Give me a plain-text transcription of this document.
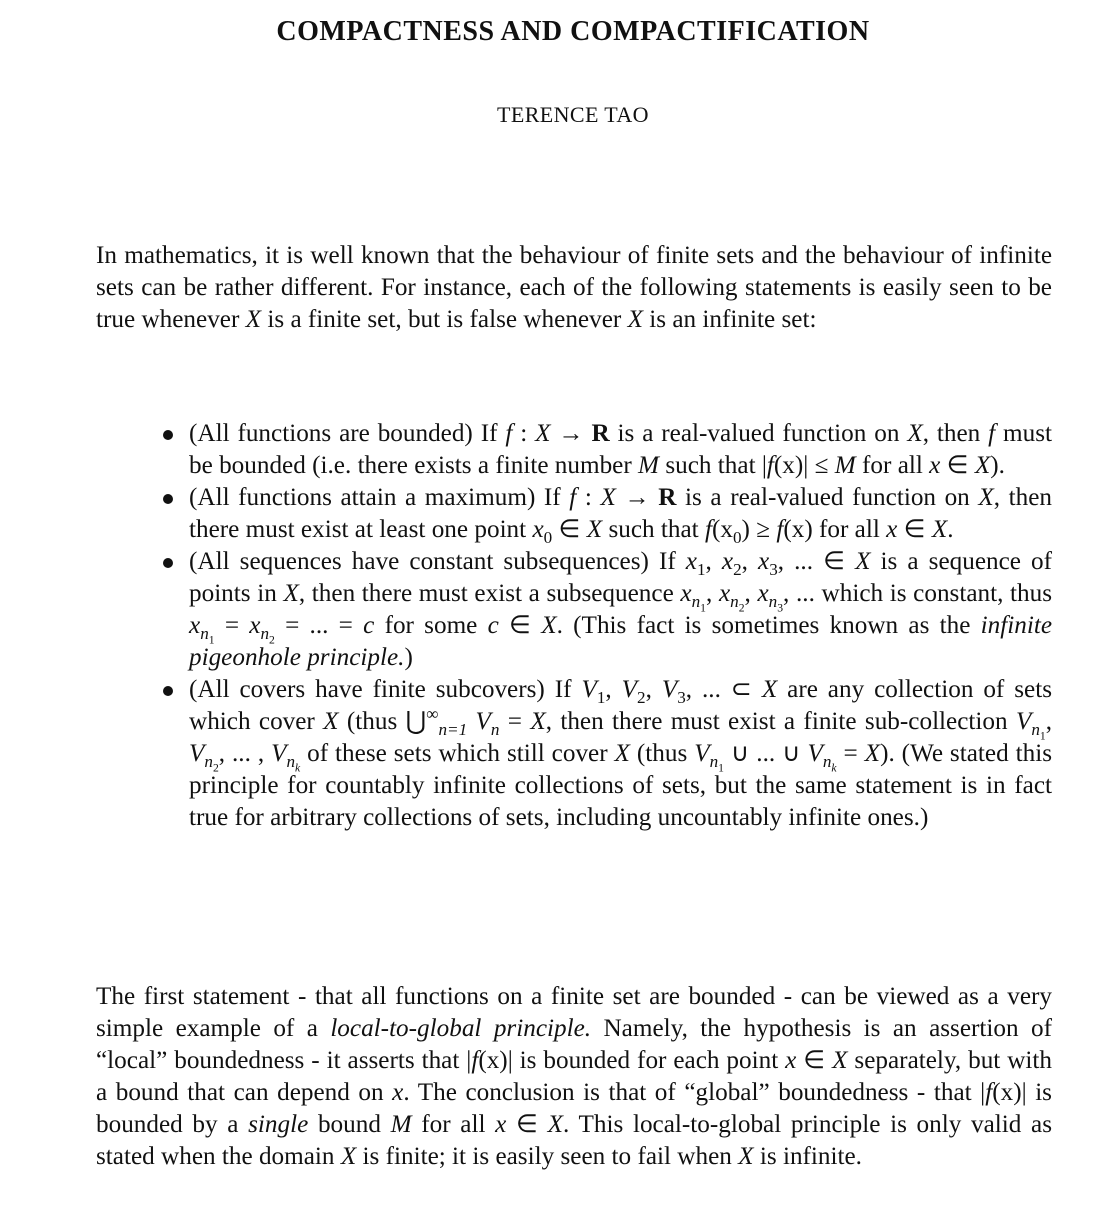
COMPACTNESS AND COMPACTIFICATION
TERENCE TAO

In mathematics, it is well known that the behaviour of finite sets and the behaviour of infinite sets can be rather different. For instance, each of the following statements is easily seen to be true whenever X is a finite set, but is false whenever X is an infinite set:

(All functions are bounded) If f : X → R is a real-valued function on X, then f must be bounded (i.e. there exists a finite number M such that |f(x)| ≤ M for all x ∈ X).
(All functions attain a maximum) If f : X → R is a real-valued function on X, then there must exist at least one point $x_0$ ∈ X such that $f(x_0) \ge f(x)$ for all x ∈ X.
(All sequences have constant subsequences) If $x_1$, $x_2$, $x_3$, ... ∈ X is a sequence of points in X, then there must exist a subsequence $x_{n_1}$, $x_{n_2}$, $x_{n_3}$, ... which is constant, thus $x_{n_1} = x_{n_2}$ = ... = c for some c ∈ X. (This fact is sometimes known as the infinite pigeonhole principle.)
(All covers have finite subcovers) If $V_1$, $V_2$, $V_3$, ... ⊂ X are any collection of sets which cover X (thus $⋃^\infty_{n=1}$ $V_n = X$, then there must exist a finite sub-collection $V_{n_1}$, $V_{n_2}$, ... , $V_{n_k}$ of these sets which still cover X (thus $V_{n_1}$ ∪ ... ∪ $V_{n_k} = X$). (We stated this principle for countably infinite collections of sets, but the same statement is in fact true for arbitrary collections of sets, including uncountably infinite ones.)

The first statement - that all functions on a finite set are bounded - can be viewed as a very simple example of a local-to-global principle. Namely, the hypothesis is an assertion of “local” boundedness - it asserts that |f(x)| is bounded for each point x ∈ X separately, but with a bound that can depend on x. The conclusion is that of “global” boundedness - that |f(x)| is bounded by a single bound M for all x ∈ X. This local-to-global principle is only valid as stated when the domain X is finite; it is easily seen to fail when X is infinite.
